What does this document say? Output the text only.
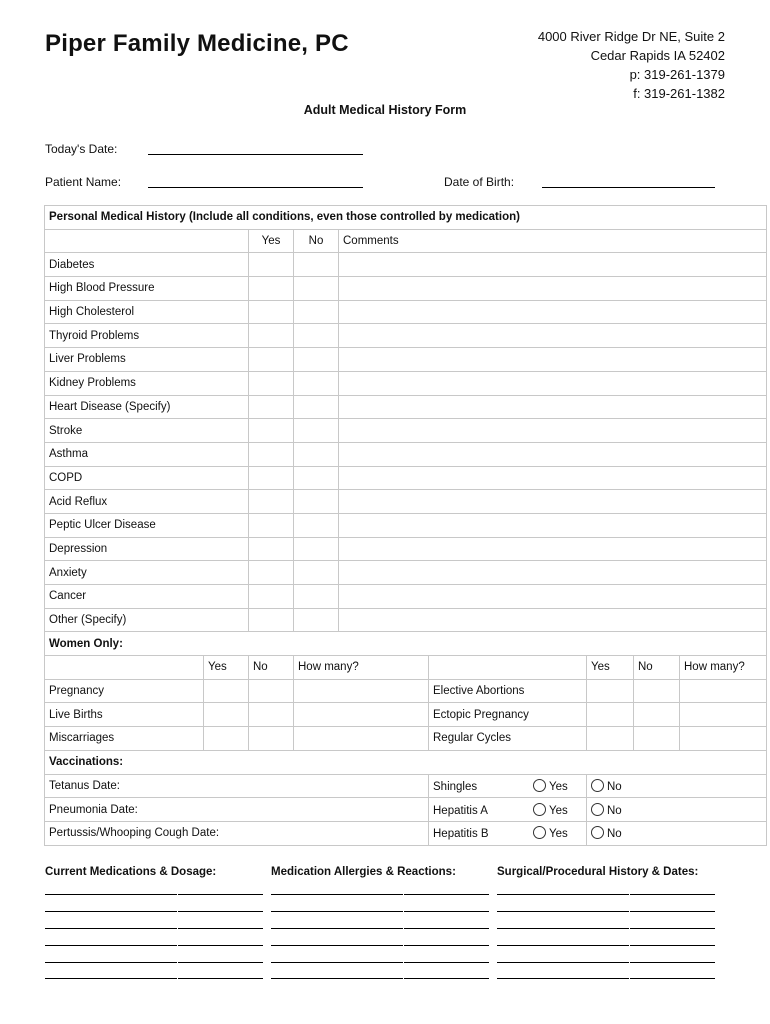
Piper Family Medicine, PC	4000 River Ridge Dr NE, Suite 2
Cedar Rapids IA 52402
p: 319-261-1379
f: 319-261-1382
Adult Medical History Form
Today's Date:
Patient Name:	Date of Birth:
Personal Medical History (Include all conditions, even those controlled by medication)								
		Yes	No	Comments				
Diabetes								
High Blood Pressure								
High Cholesterol								
Thyroid Problems								
Liver Problems								
Kidney Problems								
Heart Disease (Specify)								
Stroke								
Asthma								
COPD								
Acid Reflux								
Peptic Ulcer Disease								
Depression								
Anxiety								
Cancer								
Other (Specify)								
Women Only:								
	Yes	No	How many?			Yes	No	How many?
Pregnancy					Elective Abortions			
Live Births					Ectopic Pregnancy			
Miscarriages					Regular Cycles			
Vaccinations:								
Tetanus Date:					Shingles Yes	No		
Pneumonia Date:					Hepatitis A Yes	No		
Pertussis/Whooping Cough Date:					Hepatitis B Yes	No		
Current Medications & Dosage:	Medication Allergies & Reactions:	Surgical/Procedural History & Dates:
